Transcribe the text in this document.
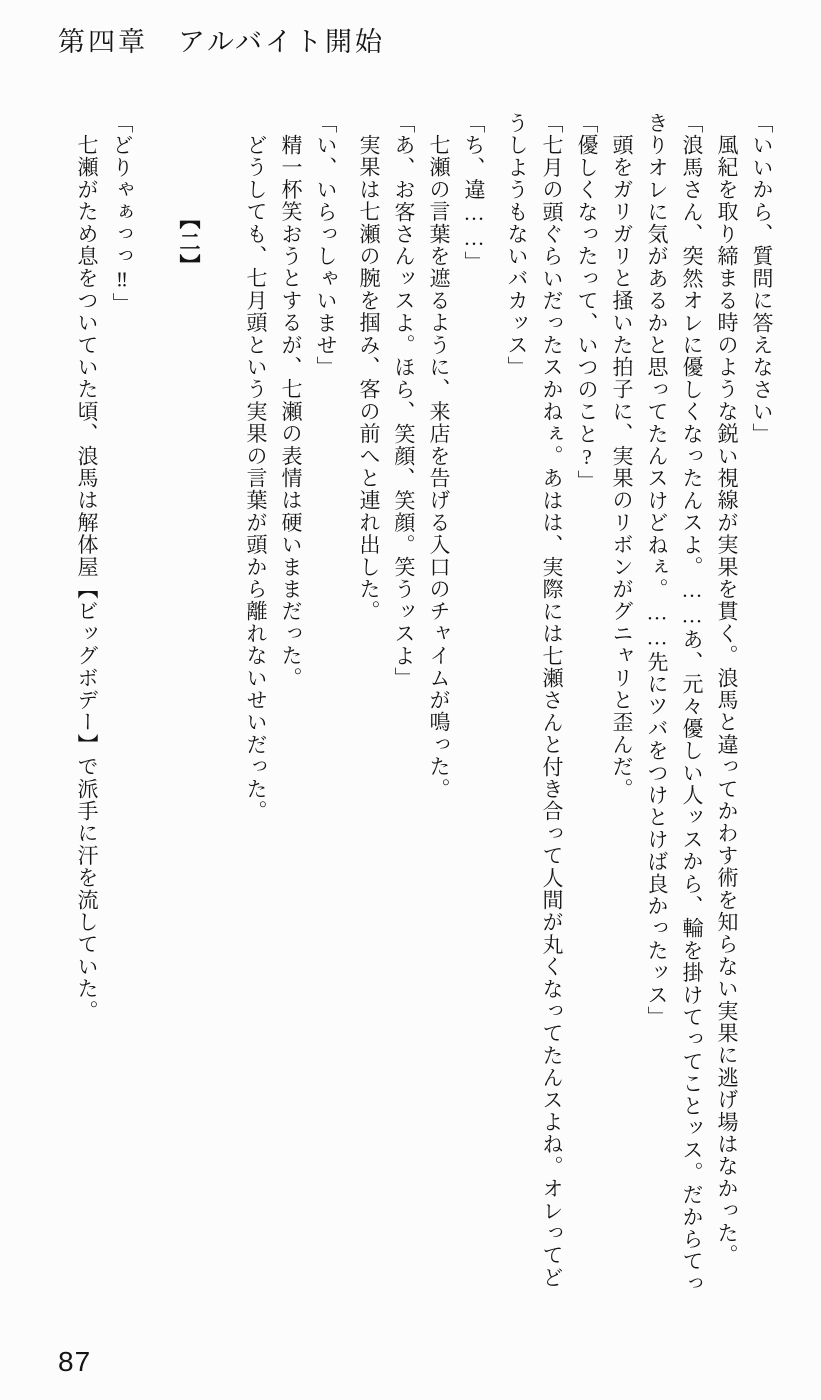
第四章　アルバイト開始

「いいから、質問に答えなさい」

風紀を取り締まる時のような鋭い視線が実果を貫く。浪馬と違ってかわす術を知らない実果に逃げ場はなかった。

「浪馬さん、突然オレに優しくなったんスよ。……あ、元々優しい人ッスから、輪を掛けてってことッス。だからてっ

きりオレに気があるかと思ってたんスけどねぇ。……先にツバをつけとけば良かったッス」

頭をガリガリと掻いた拍子に、実果のリボンがグニャリと歪んだ。

「優しくなったって、いつのこと?」

「七月の頭ぐらいだったスかねぇ。あはは、実際には七瀬さんと付き合って人間が丸くなってたんスよね。オレってど

うしようもないバカッス」

「ち、違……」

七瀬の言葉を遮るように、来店を告げる入口のチャイムが鳴った。

「あ、お客さんッスよ。ほら、笑顔、笑顔。笑うッスよ」

実果は七瀬の腕を掴み、客の前へと連れ出した。

「い、いらっしゃいませ」

精一杯笑おうとするが、七瀬の表情は硬いままだった。

どうしても、七月頭という実果の言葉が頭から離れないせいだった。

【二】

「どりゃぁっっ‼」

七瀬がため息をついていた頃、浪馬は解体屋【ビッグボデー】で派手に汗を流していた。

87
